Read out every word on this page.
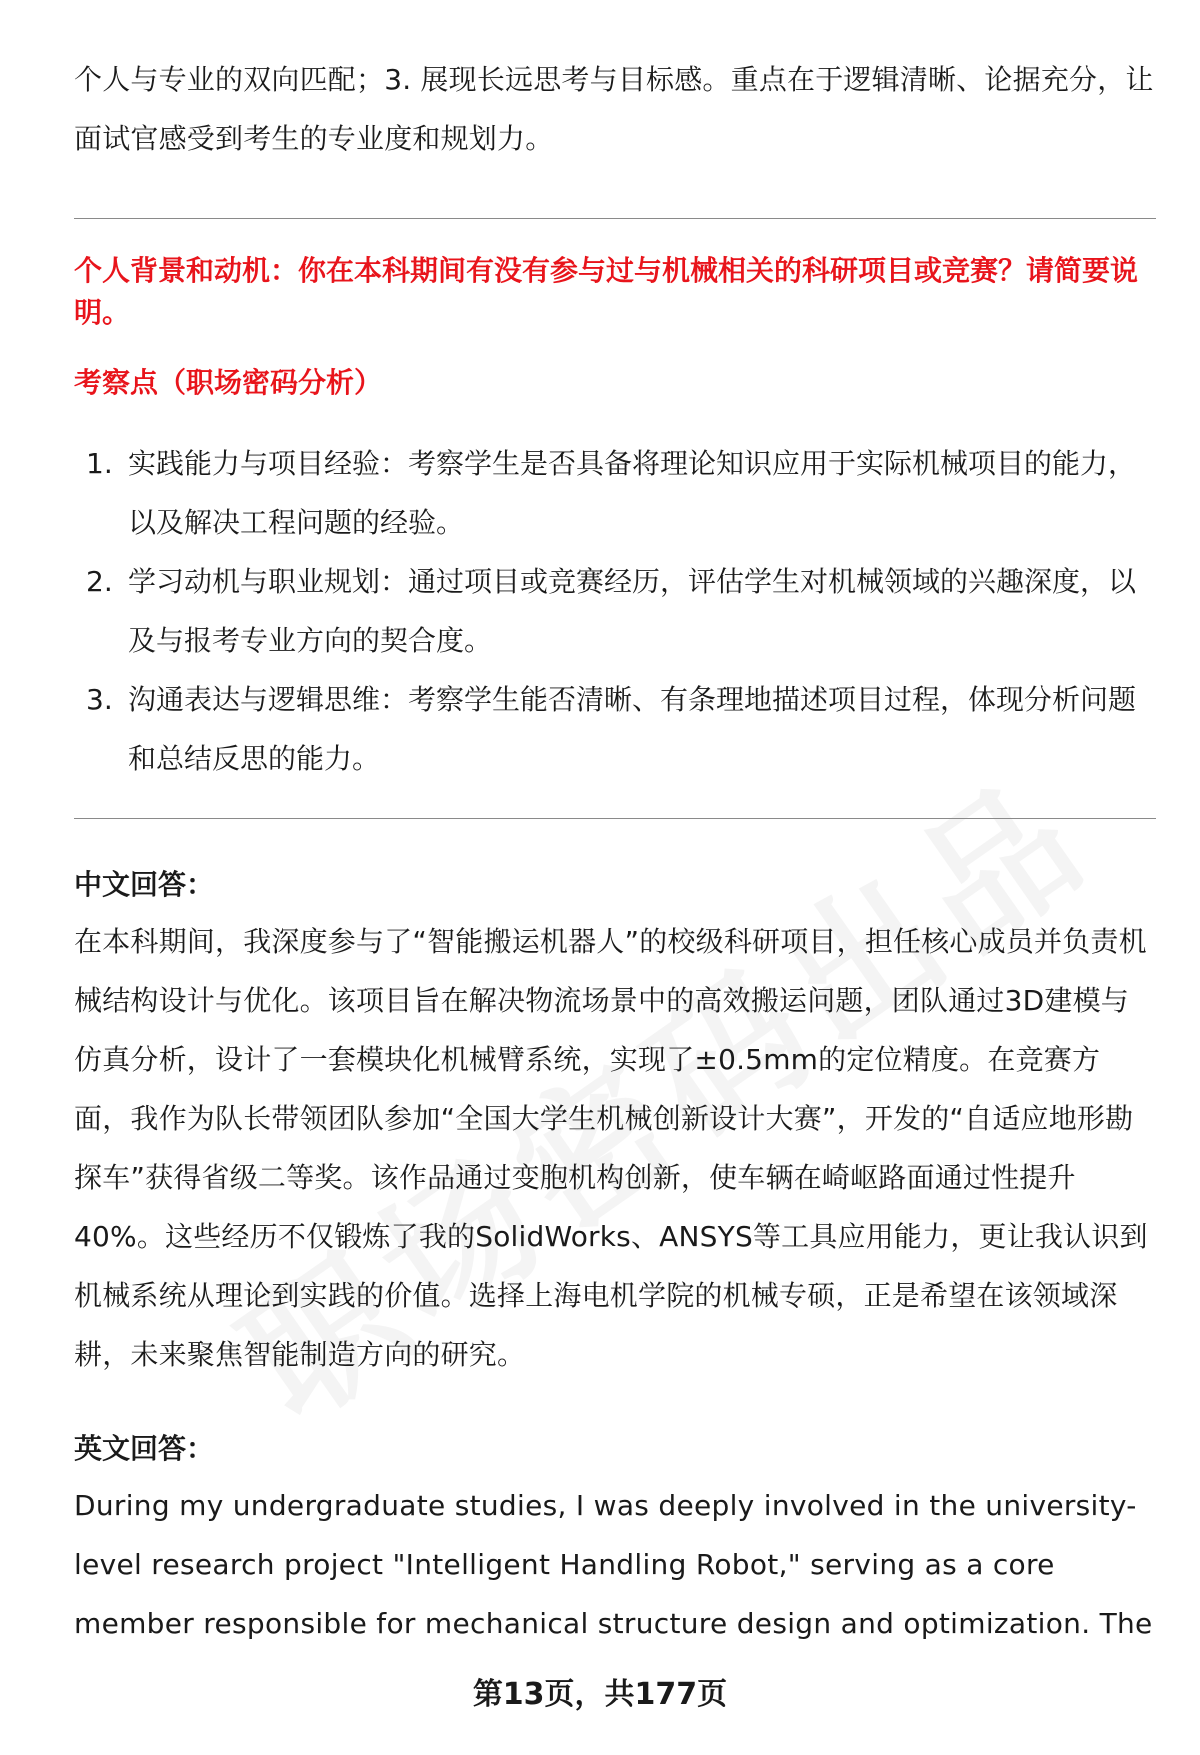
个人与专业的双向匹配；3. 展现长远思考与目标感。重点在于逻辑清晰、论据充分，让面试官感受到考生的专业度和规划力。

个人背景和动机：你在本科期间有没有参与过与机械相关的科研项目或竞赛？请简要说明。

考察点（职场密码分析）

1. 实践能力与项目经验：考察学生是否具备将理论知识应用于实际机械项目的能力，以及解决工程问题的经验。
2. 学习动机与职业规划：通过项目或竞赛经历，评估学生对机械领域的兴趣深度，以及与报考专业方向的契合度。
3. 沟通表达与逻辑思维：考察学生能否清晰、有条理地描述项目过程，体现分析问题和总结反思的能力。

中文回答：

在本科期间，我深度参与了“智能搬运机器人”的校级科研项目，担任核心成员并负责机械结构设计与优化。该项目旨在解决物流场景中的高效搬运问题，团队通过3D建模与仿真分析，设计了一套模块化机械臂系统，实现了±0.5mm的定位精度。在竞赛方面，我作为队长带领团队参加“全国大学生机械创新设计大赛”，开发的“自适应地形勘探车”获得省级二等奖。该作品通过变胞机构创新，使车辆在崎岖路面通过性提升40%。这些经历不仅锻炼了我的SolidWorks、ANSYS等工具应用能力，更让我认识到机械系统从理论到实践的价值。选择上海电机学院的机械专硕，正是希望在该领域深耕，未来聚焦智能制造方向的研究。

英文回答：

During my undergraduate studies, I was deeply involved in the university-level research project "Intelligent Handling Robot," serving as a core member responsible for mechanical structure design and optimization. The

第13页，共177页
